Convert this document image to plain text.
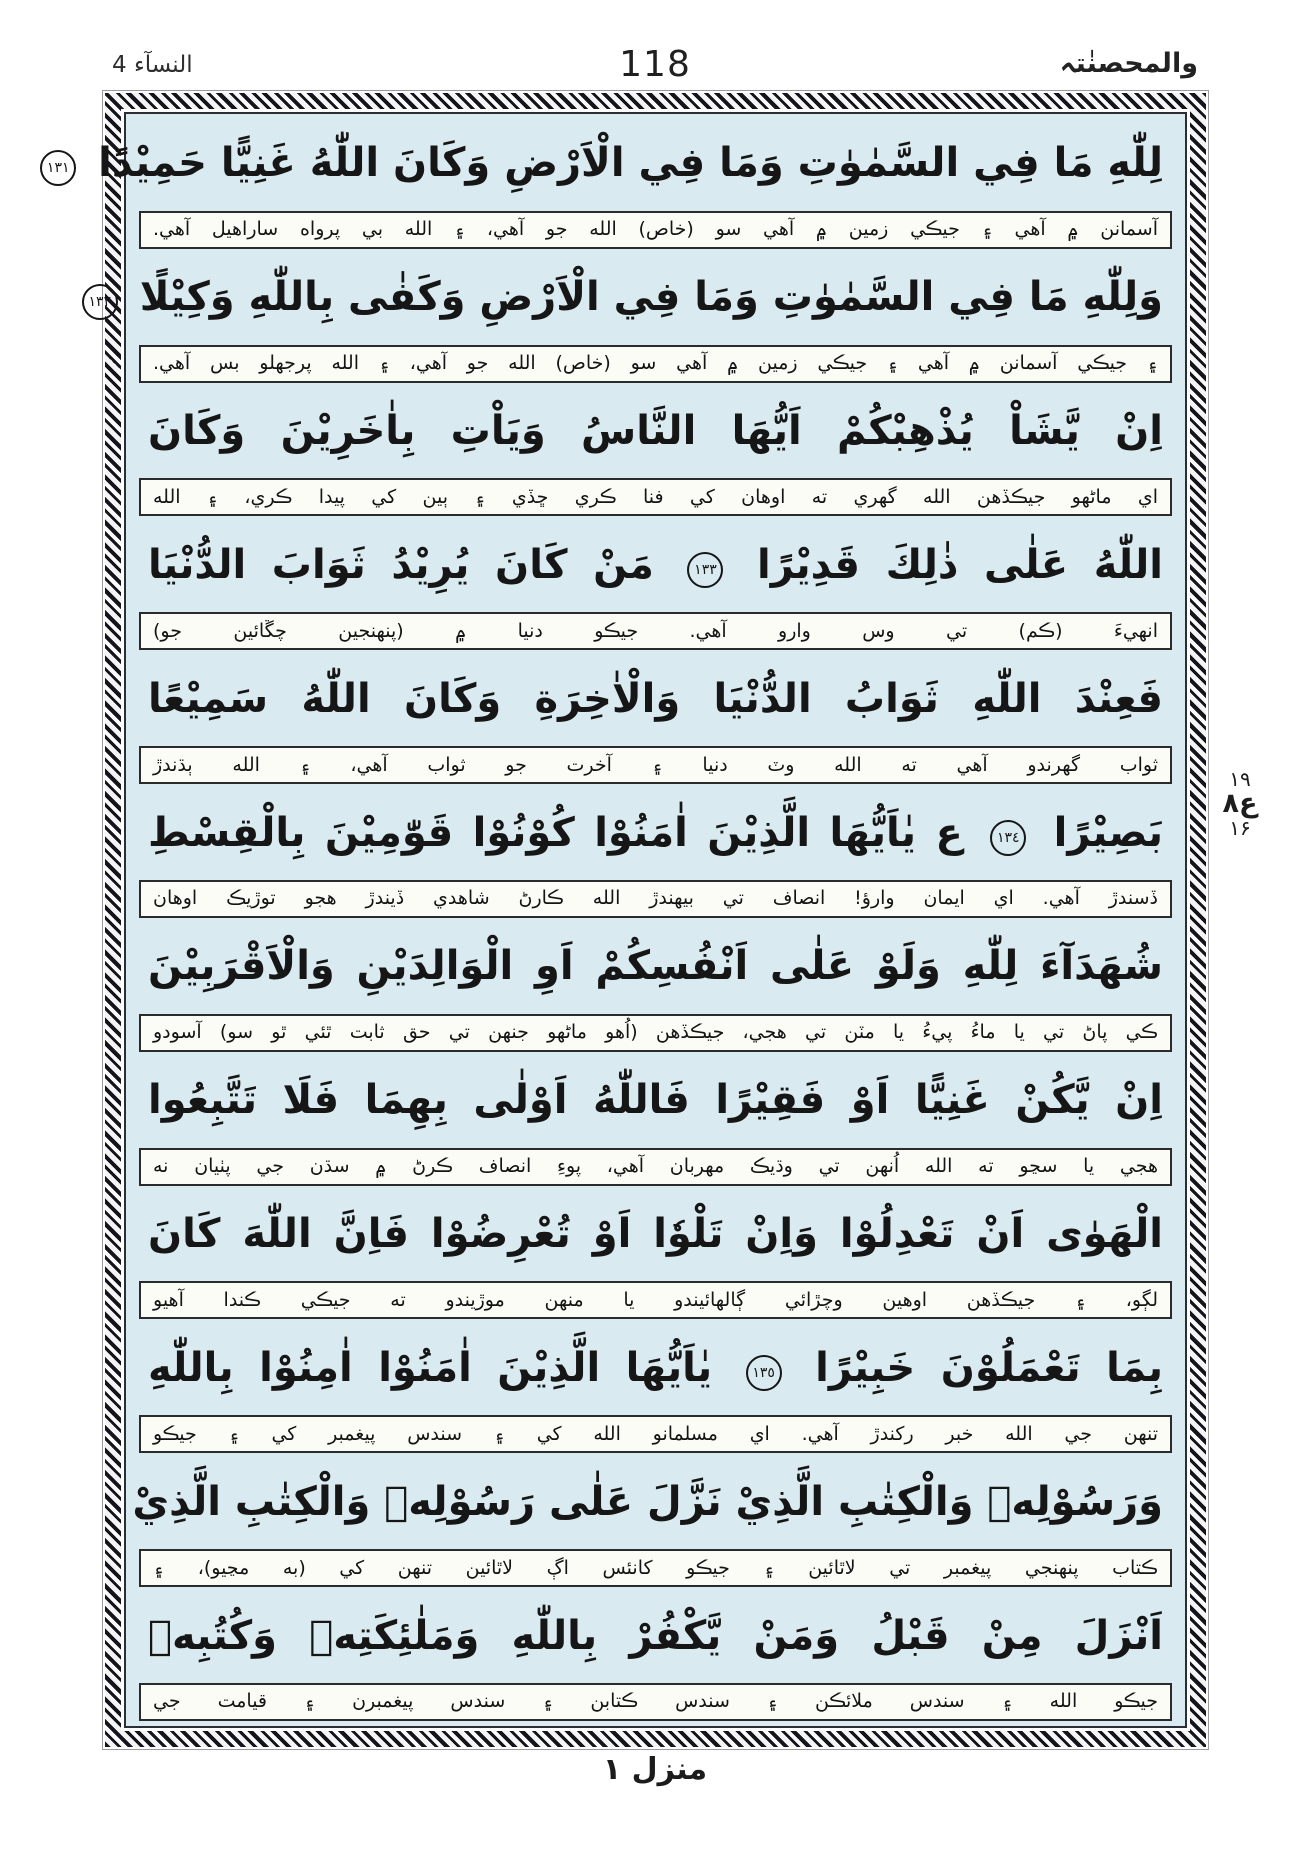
النسآء 4	118	والمحصنٰتہ

لِلّٰهِ مَا فِي السَّمٰوٰتِ وَمَا فِي الْاَرْضِ وَكَانَ اللّٰهُ غَنِيًّا حَمِيْدًا ١٣١

آسمانن ۾ آهي ۽ جيڪي زمين ۾ آهي سو (خاص) الله جو آهي، ۽ الله بي پرواه ساراهيل آهي.

وَلِلّٰهِ مَا فِي السَّمٰوٰتِ وَمَا فِي الْاَرْضِ وَكَفٰى بِاللّٰهِ وَكِيْلًا ١٣٢

۽ جيڪي آسمانن ۾ آهي ۽ جيڪي زمين ۾ آهي سو (خاص) الله جو آهي، ۽ الله پرجهلو بس آهي.

اِنْ يَّشَاْ يُذْهِبْكُمْ اَيُّهَا النَّاسُ وَيَاْتِ بِاٰخَرِيْنَ وَكَانَ

اي ماڻهو جيڪڏهن الله گهري ته اوهان کي فنا ڪري ڇڏي ۽ ٻين کي پيدا ڪري، ۽ الله

اللّٰهُ عَلٰى ذٰلِكَ قَدِيْرًا ١٣٣ مَنْ كَانَ يُرِيْدُ ثَوَابَ الدُّنْيَا

انهيءَ (ڪم) تي وس وارو آهي. جيڪو دنيا ۾ (پنهنجين چڱائين جو)

فَعِنْدَ اللّٰهِ ثَوَابُ الدُّنْيَا وَالْاٰخِرَةِ وَكَانَ اللّٰهُ سَمِيْعًا

ثواب گهرندو آهي ته الله وٽ دنيا ۽ آخرت جو ثواب آهي، ۽ الله ٻڌندڙ

بَصِيْرًا ١٣٤ ع يٰاَيُّهَا الَّذِيْنَ اٰمَنُوْا كُوْنُوْا قَوّٰمِيْنَ بِالْقِسْطِ

ڏسندڙ آهي. اي ايمان وارؤ! انصاف تي بيهندڙ الله ڪارڻ شاهدي ڏيندڙ هجو توڙيڪ اوهان

شُهَدَآءَ لِلّٰهِ وَلَوْ عَلٰى اَنْفُسِكُمْ اَوِ الْوَالِدَيْنِ وَالْاَقْرَبِيْنَ

ڪي پاڻ تي يا ماءُ پيءُ يا مٽن تي هجي، جيڪڏهن (اُهو ماڻهو جنهن تي حق ثابت ٿئي ٿو سو) آسودو

اِنْ يَّكُنْ غَنِيًّا اَوْ فَقِيْرًا فَاللّٰهُ اَوْلٰى بِهِمَا فَلَا تَتَّبِعُوا

هجي يا سڃو ته الله اُنهن تي وڌيڪ مهربان آهي، پوءِ انصاف ڪرڻ ۾ سڌن جي پٺيان نه

الْهَوٰى اَنْ تَعْدِلُوْا وَاِنْ تَلْوٗا اَوْ تُعْرِضُوْا فَاِنَّ اللّٰهَ كَانَ

لڳو، ۽ جيڪڏهن اوهين وچڙائي ڳالهائيندو يا منهن موڙيندو ته جيڪي ڪندا آهيو

بِمَا تَعْمَلُوْنَ خَبِيْرًا ١٣٥ يٰاَيُّهَا الَّذِيْنَ اٰمَنُوْا اٰمِنُوْا بِاللّٰهِ

تنهن جي الله خبر رکندڙ آهي. اي مسلمانو الله کي ۽ سندس پيغمبر کي ۽ جيڪو

وَرَسُوْلِهٖ وَالْكِتٰبِ الَّذِيْ نَزَّلَ عَلٰى رَسُوْلِهٖ وَالْكِتٰبِ الَّذِيْ

ڪتاب پنهنجي پيغمبر تي لاٿائين ۽ جيڪو کانئس اڳ لاٿائين تنهن کي (به مڃيو)، ۽

اَنْزَلَ مِنْ قَبْلُ وَمَنْ يَّكْفُرْ بِاللّٰهِ وَمَلٰئِكَتِهٖ وَكُتُبِهٖ

جيڪو الله ۽ سندس ملائڪن ۽ سندس ڪتابن ۽ سندس پيغمبرن ۽ قيامت جي

۱۹
ع۸
۱۶
منزل ١
